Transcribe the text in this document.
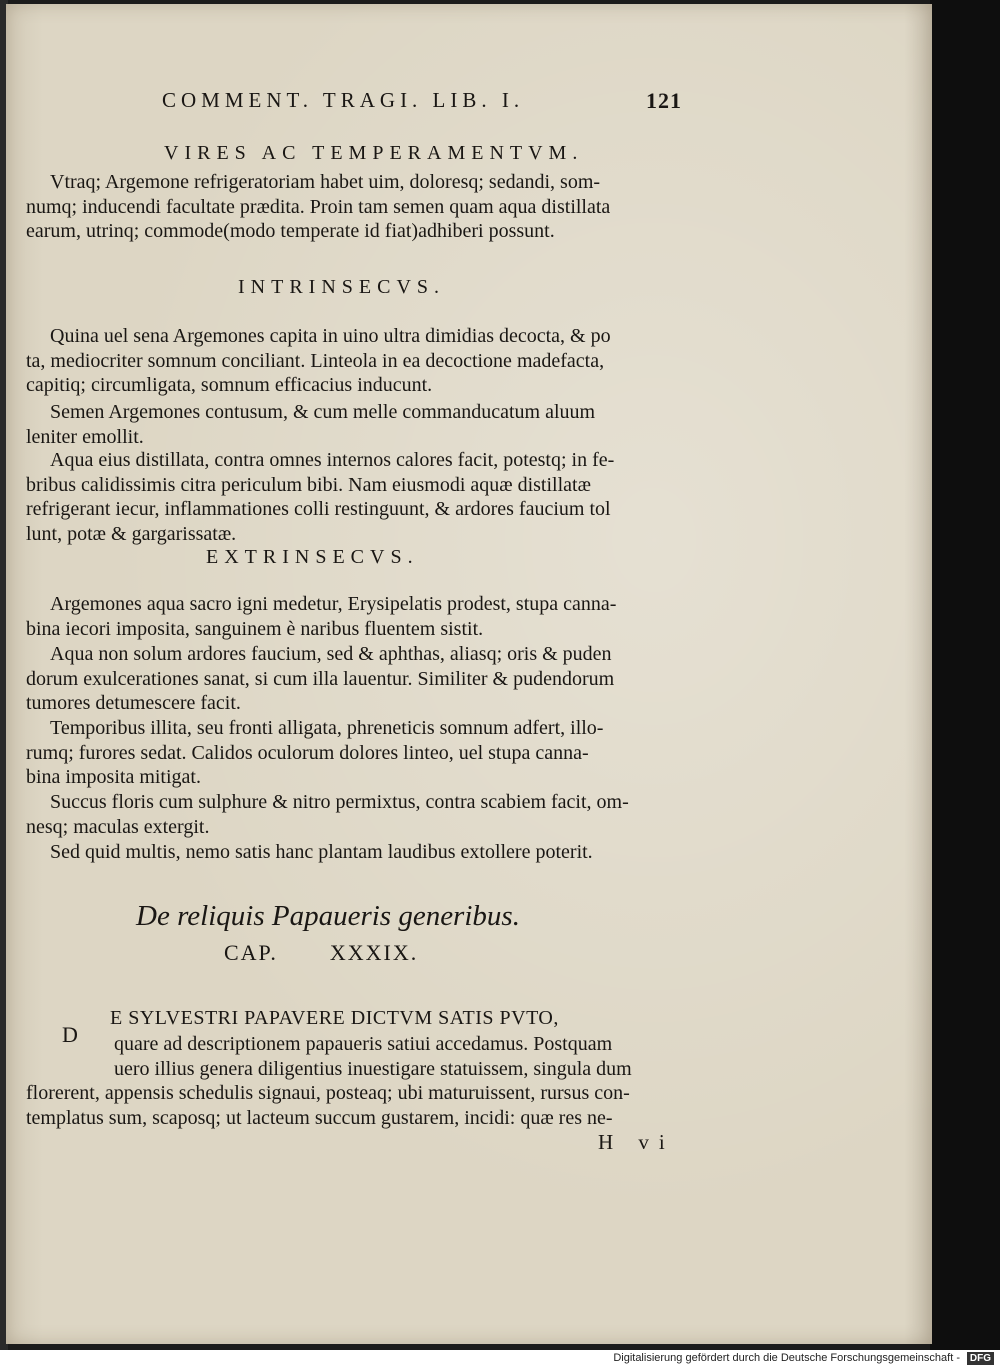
COMMENT. TRAGI. LIB. I.	121
VIRES AC TEMPERAMENTVM.
Vtraq; Argemone refrigeratoriam habet uim, doloresq; sedandi, som-
numq; inducendi facultate prædita. Proin tam semen quam aqua distillata
earum, utrinq; commode(modo temperate id fiat)adhiberi possunt.
INTRINSECVS.
Quina uel sena Argemones capita in uino ultra dimidias decocta, & po
ta, mediocriter somnum conciliant. Linteola in ea decoctione madefacta,
capitiq; circumligata, somnum efficacius inducunt.
Semen Argemones contusum, & cum melle commanducatum aluum
leniter emollit.
Aqua eius distillata, contra omnes internos calores facit, potestq; in fe-
bribus calidissimis citra periculum bibi. Nam eiusmodi aquæ distillatæ
refrigerant iecur, inflammationes colli restinguunt, & ardores faucium tol
lunt, potæ & gargarissatæ.
EXTRINSECVS.
Argemones aqua sacro igni medetur, Erysipelatis prodest, stupa canna-
bina iecori imposita, sanguinem è naribus fluentem sistit.
Aqua non solum ardores faucium, sed & aphthas, aliasq; oris & puden
dorum exulcerationes sanat, si cum illa lauentur. Similiter & pudendorum
tumores detumescere facit.
Temporibus illita, seu fronti alligata, phreneticis somnum adfert, illo-
rumq; furores sedat. Calidos oculorum dolores linteo, uel stupa canna-
bina imposita mitigat.
Succus floris cum sulphure & nitro permixtus, contra scabiem facit, om-
nesq; maculas extergit.
Sed quid multis, nemo satis hanc plantam laudibus extollere poterit.
De reliquis Papaueris generibus.
CAP. XXXIX.
D
E SYLVESTRI PAPAVERE DICTVM SATIS PVTO,
quare ad descriptionem papaueris satiui accedamus. Postquam
uero illius genera diligentius inuestigare statuissem, singula dum
florerent, appensis schedulis signaui, posteaq; ubi maturuissent, rursus con-
templatus sum, scaposq; ut lacteum succum gustarem, incidi: quæ res ne-
H vi
Digitalisierung gefördert durch die Deutsche Forschungsgemeinschaft - DFG
